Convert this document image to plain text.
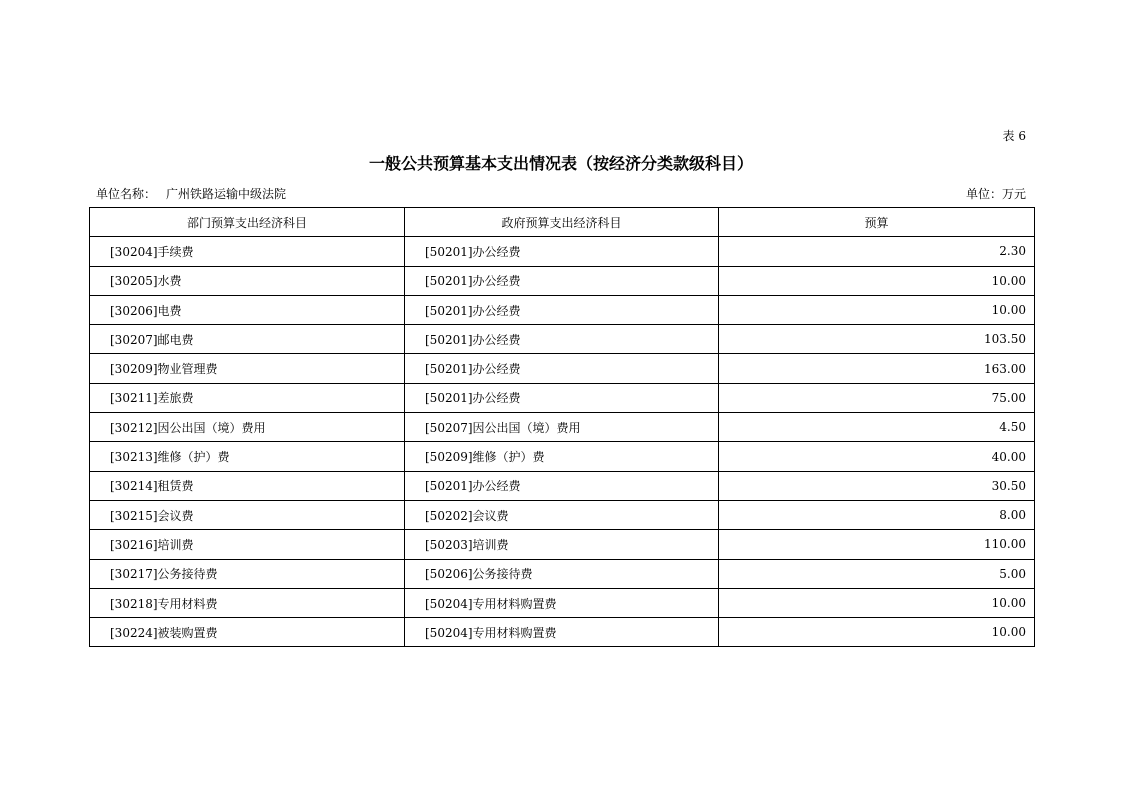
表 6
一般公共预算基本支出情况表（按经济分类款级科目）
单位名称： 广州铁路运输中级法院	单位：万元
部门预算支出经济科目	政府预算支出经济科目	预算
[30204]手续费	[50201]办公经费	2.30
[30205]水费	[50201]办公经费	10.00
[30206]电费	[50201]办公经费	10.00
[30207]邮电费	[50201]办公经费	103.50
[30209]物业管理费	[50201]办公经费	163.00
[30211]差旅费	[50201]办公经费	75.00
[30212]因公出国（境）费用	[50207]因公出国（境）费用	4.50
[30213]维修（护）费	[50209]维修（护）费	40.00
[30214]租赁费	[50201]办公经费	30.50
[30215]会议费	[50202]会议费	8.00
[30216]培训费	[50203]培训费	110.00
[30217]公务接待费	[50206]公务接待费	5.00
[30218]专用材料费	[50204]专用材料购置费	10.00
[30224]被装购置费	[50204]专用材料购置费	10.00
